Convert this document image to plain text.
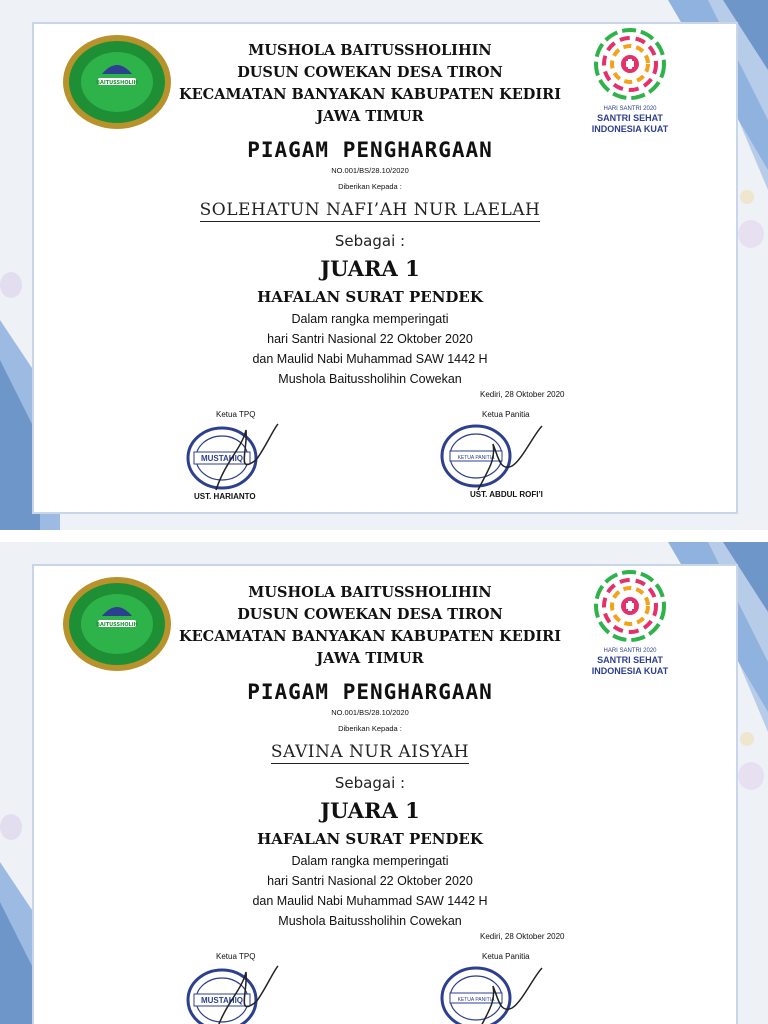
BAITUSSHOLIH
HARI SANTRI 2020
SANTRI SEHAT
INDONESIA KUAT
MUSHOLA BAITUSSHOLIHIN
DUSUN COWEKAN DESA TIRON
KECAMATAN BANYAKAN KABUPATEN KEDIRI
JAWA TIMUR
PIAGAM PENGHARGAAN
NO.001/BS/28.10/2020
Diberikan Kepada :
SOLEHATUN NAFI’AH NUR LAELAH
Sebagai :
JUARA 1
HAFALAN SURAT PENDEK
Dalam rangka memperingati
hari Santri Nasional 22 Oktober 2020
dan Maulid Nabi Muhammad SAW 1442 H
Mushola Baitussholihin Cowekan
Kediri, 28 Oktober 2020
Ketua TPQ	Ketua Panitia
MUSTAHIQ	KETUA PANITIA
UST. HARIANTO	UST. ABDUL ROFI’I
BAITUSSHOLIH
HARI SANTRI 2020
SANTRI SEHAT
INDONESIA KUAT
MUSHOLA BAITUSSHOLIHIN
DUSUN COWEKAN DESA TIRON
KECAMATAN BANYAKAN KABUPATEN KEDIRI
JAWA TIMUR
PIAGAM PENGHARGAAN
NO.001/BS/28.10/2020
Diberikan Kepada :
SAVINA NUR AISYAH
Sebagai :
JUARA 1
HAFALAN SURAT PENDEK
Dalam rangka memperingati
hari Santri Nasional 22 Oktober 2020
dan Maulid Nabi Muhammad SAW 1442 H
Mushola Baitussholihin Cowekan
Kediri, 28 Oktober 2020
Ketua TPQ	Ketua Panitia
MUSTAHIQ	KETUA PANITIA
